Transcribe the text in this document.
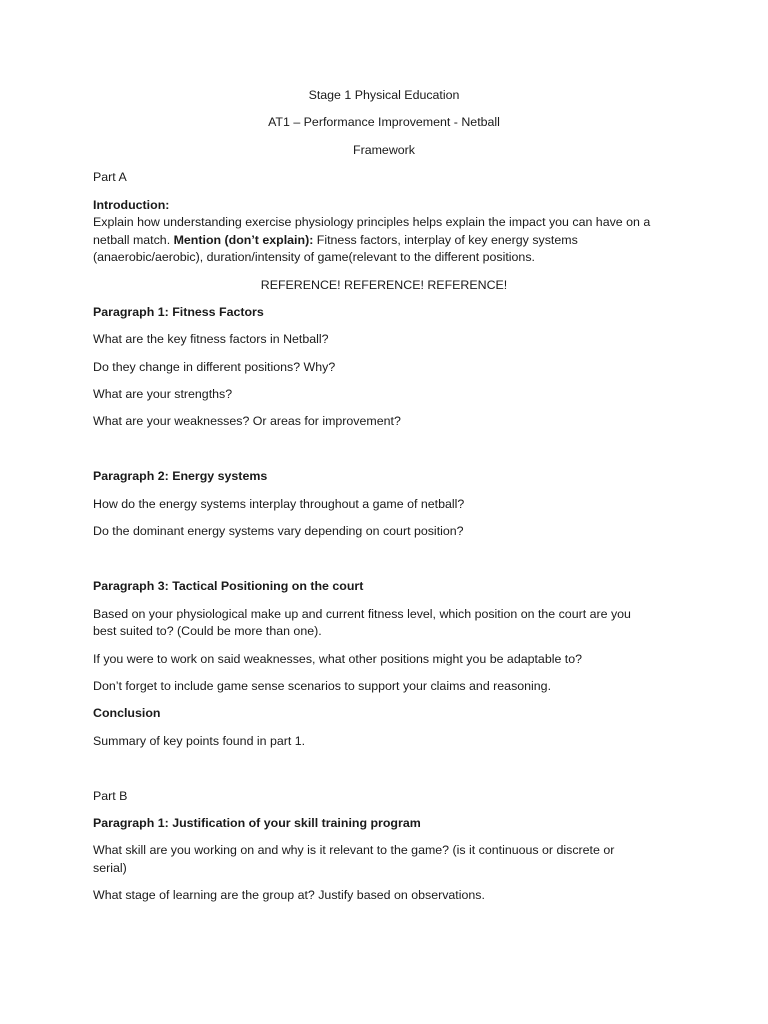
Stage 1 Physical Education

AT1 – Performance Improvement - Netball

Framework

Part A

Introduction:

Explain how understanding exercise physiology principles helps explain the impact you can have on a

netball match. Mention (don’t explain): Fitness factors, interplay of key energy systems

(anaerobic/aerobic), duration/intensity of game(relevant to the different positions.

REFERENCE! REFERENCE! REFERENCE!

Paragraph 1: Fitness Factors

What are the key fitness factors in Netball?

Do they change in different positions? Why?

What are your strengths?

What are your weaknesses? Or areas for improvement?

Paragraph 2: Energy systems

How do the energy systems interplay throughout a game of netball?

Do the dominant energy systems vary depending on court position?

Paragraph 3: Tactical Positioning on the court

Based on your physiological make up and current fitness level, which position on the court are you

best suited to? (Could be more than one).

If you were to work on said weaknesses, what other positions might you be adaptable to?

Don’t forget to include game sense scenarios to support your claims and reasoning.

Conclusion

Summary of key points found in part 1.

Part B

Paragraph 1: Justification of your skill training program

What skill are you working on and why is it relevant to the game? (is it continuous or discrete or

serial)

What stage of learning are the group at? Justify based on observations.
